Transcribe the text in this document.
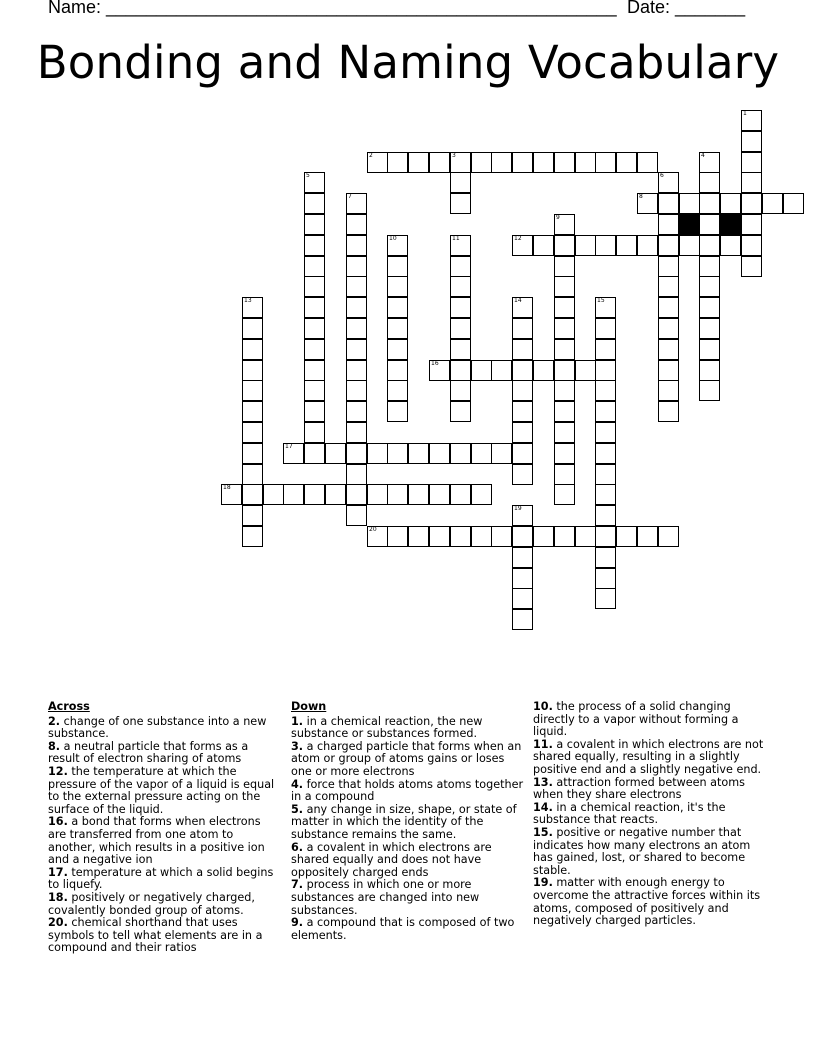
Name: ___________________________________________________ Date: _______
Bonding and Naming Vocabulary
1
2	3	4
5	6
7	8
9
10	11	12
13	14	15
16
17
18
19
20
Across
2. change of one substance into a new substance.
8. a neutral particle that forms as a result of electron sharing of atoms
12. the temperature at which the pressure of the vapor of a liquid is equal to the external pressure acting on the surface of the liquid.
16. a bond that forms when electrons are transferred from one atom to another, which results in a positive ion and a negative ion
17. temperature at which a solid begins to liquefy.
18. positively or negatively charged, covalently bonded group of atoms.
20. chemical shorthand that uses symbols to tell what elements are in a compound and their ratios
Down
1. in a chemical reaction, the new substance or substances formed.
3. a charged particle that forms when an atom or group of atoms gains or loses one or more electrons
4. force that holds atoms atoms together in a compound
5. any change in size, shape, or state of matter in which the identity of the substance remains the same.
6. a covalent in which electrons are shared equally and does not have oppositely charged ends
7. process in which one or more substances are changed into new substances.
9. a compound that is composed of two elements.
10. the process of a solid changing directly to a vapor without forming a liquid.
11. a covalent in which electrons are not shared equally, resulting in a slightly positive end and a slightly negative end.
13. attraction formed between atoms when they share electrons
14. in a chemical reaction, it's the substance that reacts.
15. positive or negative number that indicates how many electrons an atom has gained, lost, or shared to become stable.
19. matter with enough energy to overcome the attractive forces within its atoms, composed of positively and negatively charged particles.
